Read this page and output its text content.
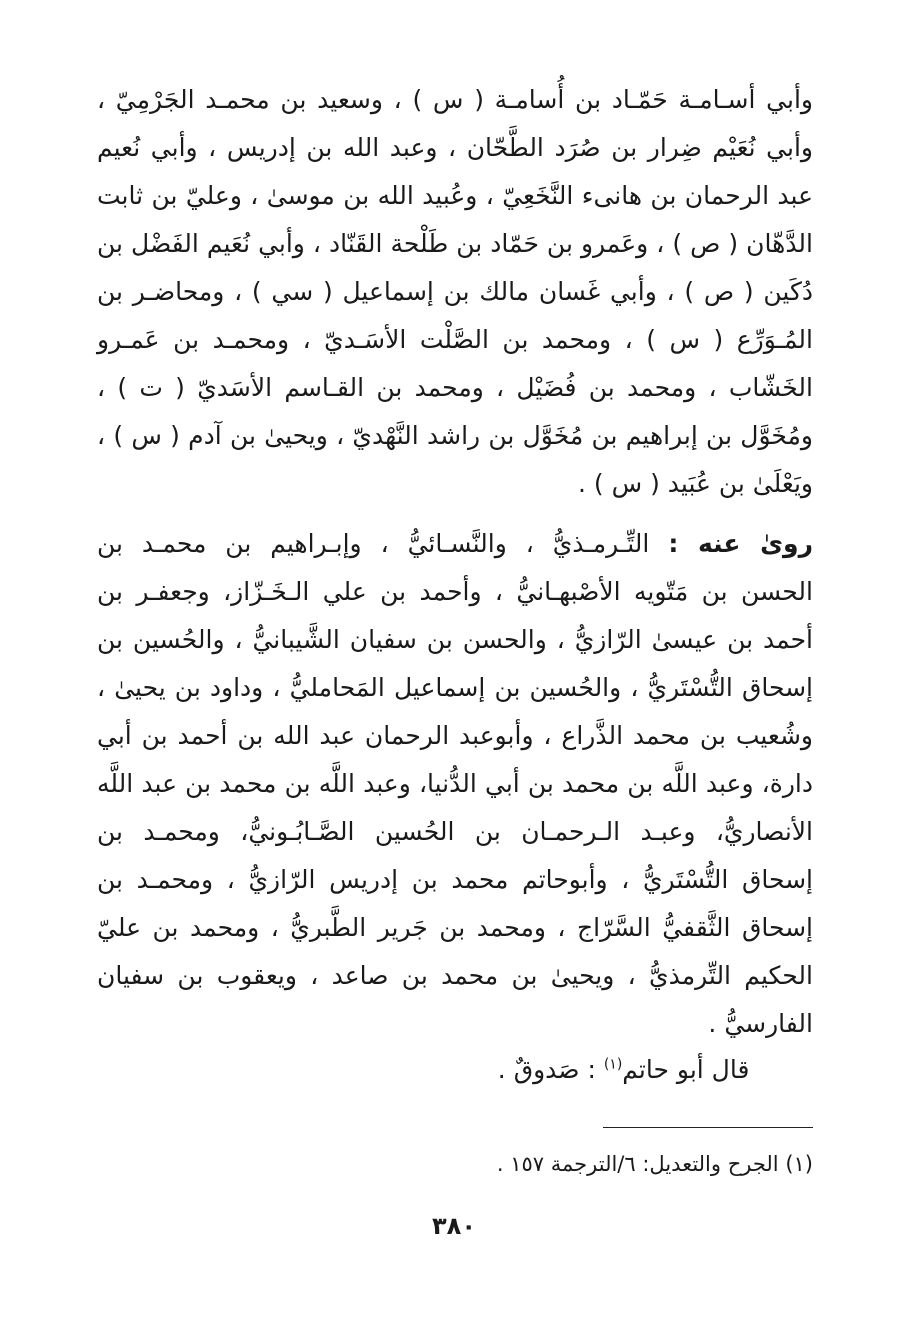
وأبي أسـامـة حَمّـاد بن أُسامـة ( س ) ، وسعيد بن محمـد الجَرْمِيّ ،
وأبي نُعَيْم ضِرار بن صُرَد الطَّحّان ، وعبد الله بن إدريس ، وأبي نُعيم
عبد الرحمان بن هانىء النَّخَعِيّ ، وعُبيد الله بن موسىٰ ، وعليّ بن ثابت
الدَّهّان ( ص ) ، وعَمرو بن حَمّاد بن طَلْحة القَنّاد ، وأبي نُعَيم الفَضْل بن
دُكَين ( ص ) ، وأبي غَسان مالك بن إسماعيل ( سي ) ، ومحاضـر بن
المُـوَرِّع ( س ) ، ومحمد بن الصَّلْت الأسَـديّ ، ومحمـد بن عَمـرو
الخَشّاب ، ومحمد بن فُضَيْل ، ومحمد بن القـاسم الأسَديّ ( ت ) ،
ومُخَوَّل بن إبراهيم بن مُخَوَّل بن راشد النَّهْديّ ، ويحيىٰ بن آدم ( س ) ،
ويَعْلَىٰ بن عُبَيد ( س ) .
روىٰ عنه : التِّـرمـذيُّ ، والنَّسـائيُّ ، وإبـراهيم بن محمـد بن
الحسن بن مَتّويه الأصْبهـانيُّ ، وأحمد بن علي الـخَـزّاز، وجعفـر بن
أحمد بن عيسىٰ الرّازيُّ ، والحسن بن سفيان الشَّيبانيُّ ، والحُسين بن
إسحاق التُّسْتَريُّ ، والحُسين بن إسماعيل المَحامليُّ ، وداود بن يحيىٰ ،
وشُعيب بن محمد الذَّراع ، وأبوعبد الرحمان عبد الله بن أحمد بن أبي
دارة، وعبد اللَّه بن محمد بن أبي الدُّنيا، وعبد اللَّه بن محمد بن عبد اللَّه
الأنصاريُّ، وعبـد الـرحمـان بن الحُسين الصَّـابُـونيُّ، ومحمـد بن
إسحاق التُّسْتَريُّ ، وأبوحاتم محمد بن إدريس الرّازيُّ ، ومحمـد بن
إسحاق الثَّقفيُّ السَّرّاج ، ومحمد بن جَرير الطَّبريُّ ، ومحمد بن عليّ
الحكيم التِّرمذيُّ ، ويحيىٰ بن محمد بن صاعد ، ويعقوب بن سفيان
الفارسيُّ .
قال أبو حاتم$^{(١)}$ : صَدوقٌ .
(١) الجرح والتعديل: ٦/الترجمة ١٥٧ .
٣٨٠
